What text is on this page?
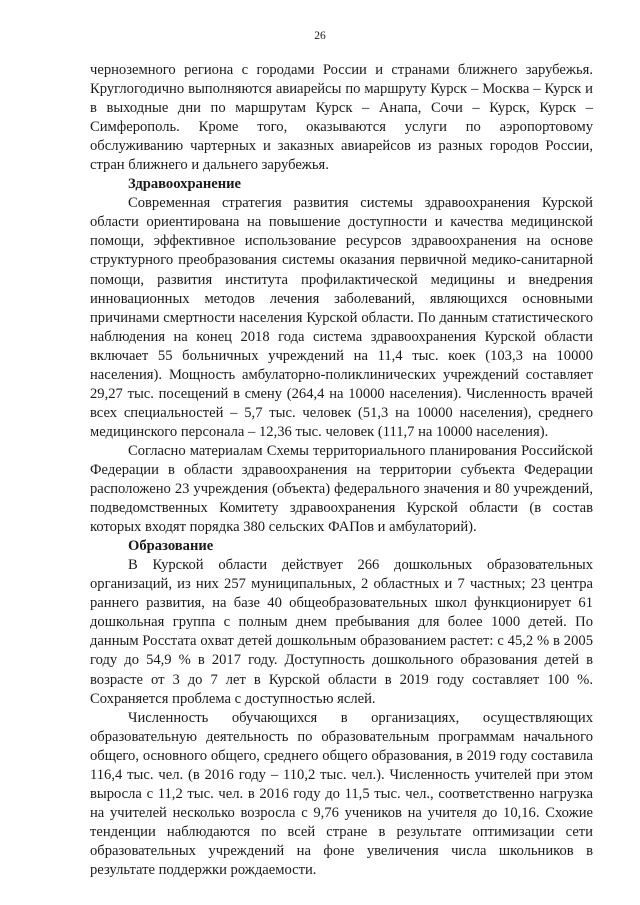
26

черноземного региона с городами России и странами ближнего зарубежья. Круглогодично выполняются авиарейсы по маршруту Курск – Москва – Курск и в выходные дни по маршрутам Курск – Анапа, Сочи – Курск, Курск – Симферополь. Кроме того, оказываются услуги по аэропортовому обслуживанию чартерных и заказных авиарейсов из разных городов России, стран ближнего и дальнего зарубежья.

Здравоохранение

Современная стратегия развития системы здравоохранения Курской области ориентирована на повышение доступности и качества медицинской помощи, эффективное использование ресурсов здравоохранения на основе структурного преобразования системы оказания первичной медико-санитарной помощи, развития института профилактической медицины и внедрения инновационных методов лечения заболеваний, являющихся основными причинами смертности населения Курской области. По данным статистического наблюдения на конец 2018 года система здравоохранения Курской области включает 55 больничных учреждений на 11,4 тыс. коек (103,3 на 10000 населения). Мощность амбулаторно-поликлинических учреждений составляет 29,27 тыс. посещений в смену (264,4 на 10000 населения). Численность врачей всех специальностей – 5,7 тыс. человек (51,3 на 10000 населения), среднего медицинского персонала – 12,36 тыс. человек (111,7 на 10000 населения).

Согласно материалам Схемы территориального планирования Российской Федерации в области здравоохранения на территории субъекта Федерации расположено 23 учреждения (объекта) федерального значения и 80 учреждений, подведомственных Комитету здравоохранения Курской области (в состав которых входят порядка 380 сельских ФАПов и амбулаторий).

Образование

В Курской области действует 266 дошкольных образовательных организаций, из них 257 муниципальных, 2 областных и 7 частных; 23 центра раннего развития, на базе 40 общеобразовательных школ функционирует 61 дошкольная группа с полным днем пребывания для более 1000 детей. По данным Росстата охват детей дошкольным образованием растет: с 45,2 % в 2005 году до 54,9 % в 2017 году. Доступность дошкольного образования детей в возрасте от 3 до 7 лет в Курской области в 2019 году составляет 100 %. Сохраняется проблема с доступностью яслей.

Численность обучающихся в организациях, осуществляющих образовательную деятельность по образовательным программам начального общего, основного общего, среднего общего образования, в 2019 году составила 116,4 тыс. чел. (в 2016 году – 110,2 тыс. чел.). Численность учителей при этом выросла с 11,2 тыс. чел. в 2016 году до 11,5 тыс. чел., соответственно нагрузка на учителей несколько возросла с 9,76 учеников на учителя до 10,16. Схожие тенденции наблюдаются по всей стране в результате оптимизации сети образовательных учреждений на фоне увеличения числа школьников в результате поддержки рождаемости.
